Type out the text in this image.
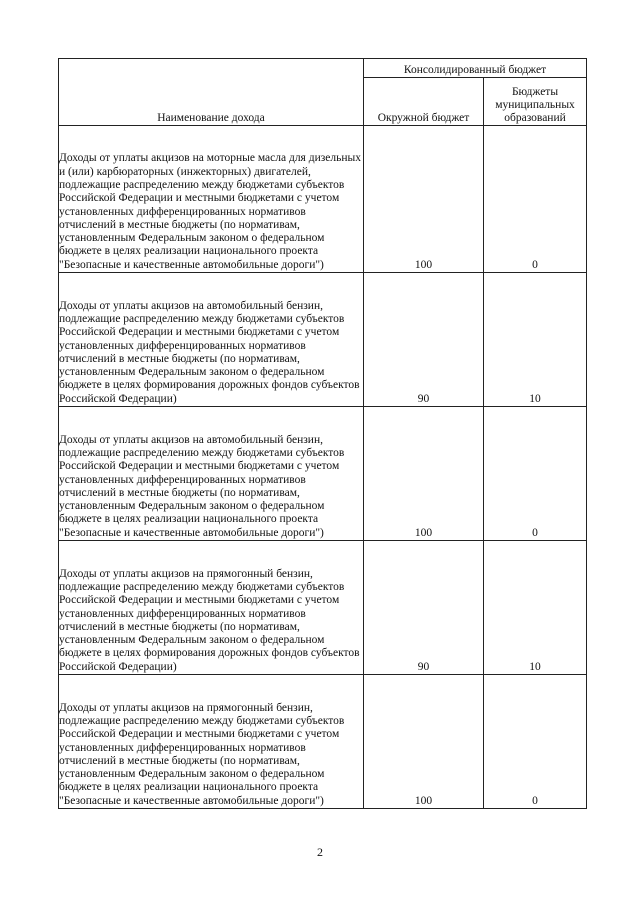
Наименование дохода	Консолидированный бюджет	
	Окружной бюджет	Бюджеты муниципальных образований
Доходы от уплаты акцизов на моторные масла для дизельных и (или) карбюраторных (инжекторных) двигателей, подлежащие распределению между бюджетами субъектов Российской Федерации и местными бюджетами с учетом установленных дифференцированных нормативов отчислений в местные бюджеты (по нормативам, установленным Федеральным законом о федеральном бюджете в целях реализации национального проекта "Безопасные и качественные автомобильные дороги")	100	0
Доходы от уплаты акцизов на автомобильный бензин, подлежащие распределению между бюджетами субъектов Российской Федерации и местными бюджетами с учетом установленных дифференцированных нормативов отчислений в местные бюджеты (по нормативам, установленным Федеральным законом о федеральном бюджете в целях формирования дорожных фондов субъектов Российской Федерации)	90	10
Доходы от уплаты акцизов на автомобильный бензин, подлежащие распределению между бюджетами субъектов Российской Федерации и местными бюджетами с учетом установленных дифференцированных нормативов отчислений в местные бюджеты (по нормативам, установленным Федеральным законом о федеральном бюджете в целях реализации национального проекта "Безопасные и качественные автомобильные дороги")	100	0
Доходы от уплаты акцизов на прямогонный бензин, подлежащие распределению между бюджетами субъектов Российской Федерации и местными бюджетами с учетом установленных дифференцированных нормативов отчислений в местные бюджеты (по нормативам, установленным Федеральным законом о федеральном бюджете в целях формирования дорожных фондов субъектов Российской Федерации)	90	10
Доходы от уплаты акцизов на прямогонный бензин, подлежащие распределению между бюджетами субъектов Российской Федерации и местными бюджетами с учетом установленных дифференцированных нормативов отчислений в местные бюджеты (по нормативам, установленным Федеральным законом о федеральном бюджете в целях реализации национального проекта "Безопасные и качественные автомобильные дороги")	100	0
2
